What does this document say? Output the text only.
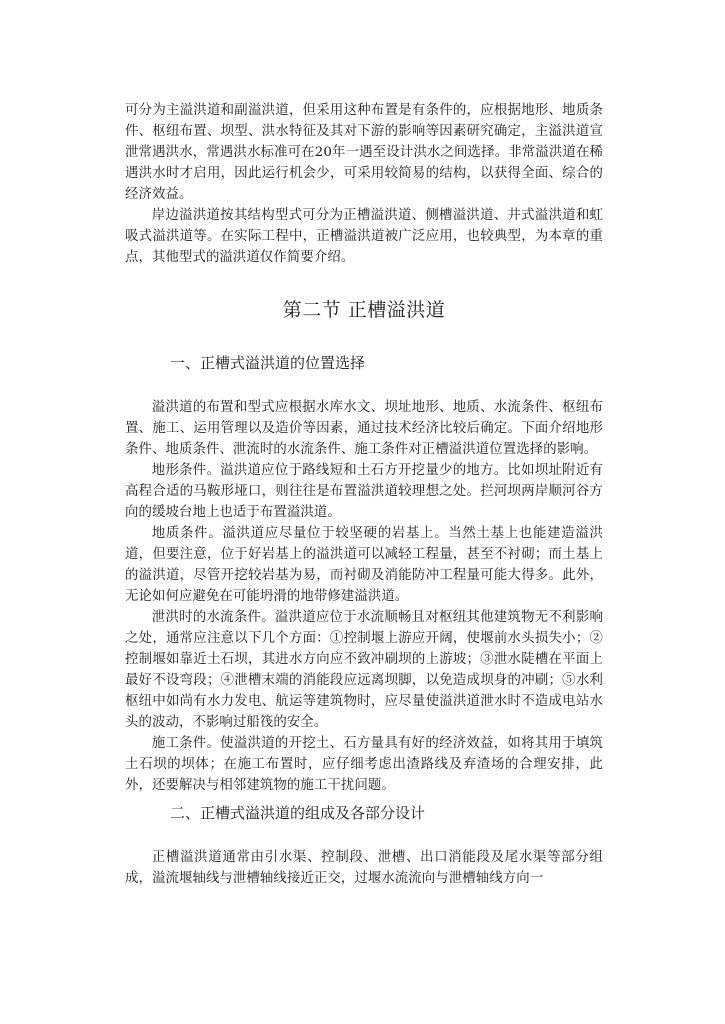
可分为主溢洪道和副溢洪道，但采用这种布置是有条件的，应根据地形、地质条件、枢纽布置、坝型、洪水特征及其对下游的影响等因素研究确定，主溢洪道宣泄常遇洪水，常遇洪水标准可在20年一遇至设计洪水之间选择。非常溢洪道在稀遇洪水时才启用，因此运行机会少，可采用较简易的结构，以获得全面、综合的经济效益。

岸边溢洪道按其结构型式可分为正槽溢洪道、侧槽溢洪道、井式溢洪道和虹吸式溢洪道等。在实际工程中，正槽溢洪道被广泛应用，也较典型，为本章的重点，其他型式的溢洪道仅作简要介绍。

第二节 正槽溢洪道
一、正槽式溢洪道的位置选择

溢洪道的布置和型式应根据水库水文、坝址地形、地质、水流条件、枢纽布置、施工、运用管理以及造价等因素，通过技术经济比较后确定。下面介绍地形条件、地质条件、泄流时的水流条件、施工条件对正槽溢洪道位置选择的影响。

地形条件。溢洪道应位于路线短和土石方开挖量少的地方。比如坝址附近有高程合适的马鞍形垭口，则往往是布置溢洪道较理想之处。拦河坝两岸顺河谷方向的缓坡台地上也适于布置溢洪道。

地质条件。溢洪道应尽量位于较坚硬的岩基上。当然土基上也能建造溢洪道，但要注意，位于好岩基上的溢洪道可以减轻工程量，甚至不衬砌；而土基上的溢洪道，尽管开挖较岩基为易，而衬砌及消能防冲工程量可能大得多。此外，无论如何应避免在可能坍滑的地带修建溢洪道。

泄洪时的水流条件。溢洪道应位于水流顺畅且对枢纽其他建筑物无不利影响之处，通常应注意以下几个方面：①控制堰上游应开阔，使堰前水头损失小；②控制堰如靠近土石坝，其进水方向应不致冲刷坝的上游坡；③泄水陡槽在平面上最好不设弯段；④泄槽末端的消能段应远离坝脚，以免造成坝身的冲刷；⑤水利枢纽中如尚有水力发电、航运等建筑物时，应尽量使溢洪道泄水时不造成电站水头的波动，不影响过船筏的安全。

施工条件。使溢洪道的开挖土、石方量具有好的经济效益，如将其用于填筑土石坝的坝体；在施工布置时，应仔细考虑出渣路线及弃渣场的合理安排，此外，还要解决与相邻建筑物的施工干扰问题。

二、正槽式溢洪道的组成及各部分设计

正槽溢洪道通常由引水渠、控制段、泄槽、出口消能段及尾水渠等部分组成，溢流堰轴线与泄槽轴线接近正交，过堰水流流向与泄槽轴线方向一
